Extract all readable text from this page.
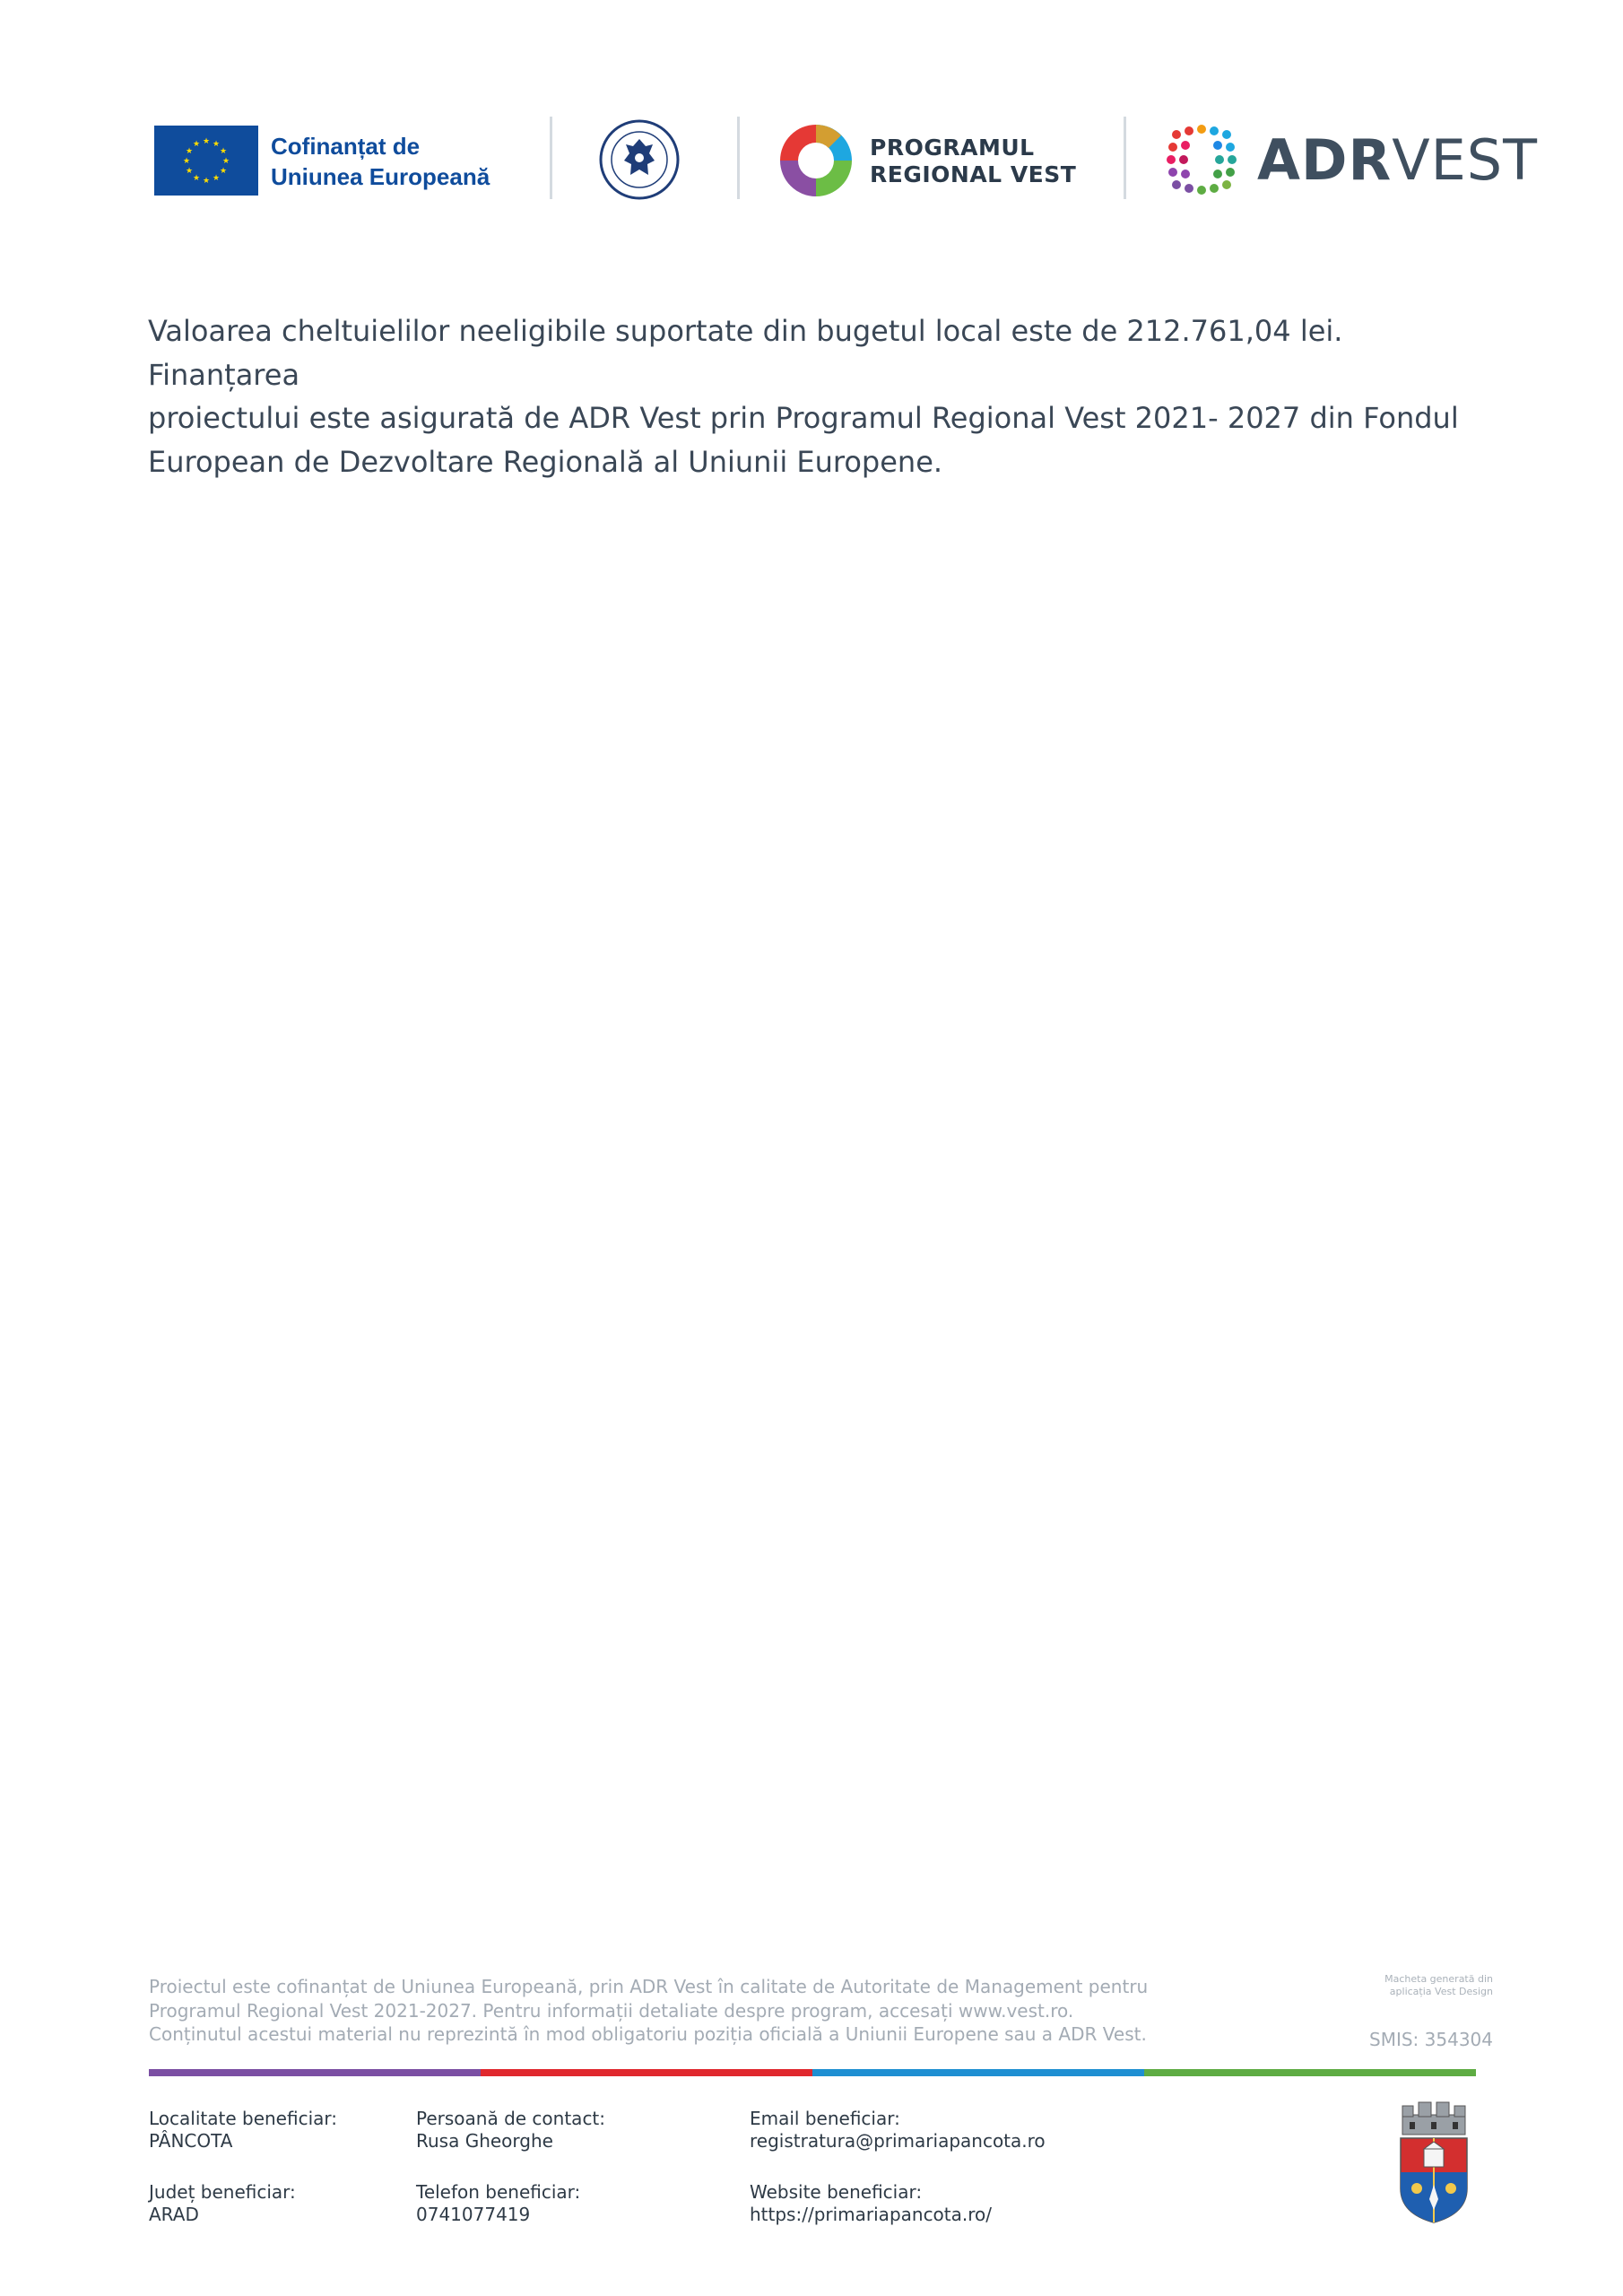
★ ★
★
★
★
★
★
★
★
★
★
★	Cofinanțat de
Uniunea Europeană
PROGRAMUL
REGIONAL VEST	ADRVEST
Valoarea cheltuielilor neeligibile suportate din bugetul local este de 212.761,04 lei. Finanțarea
proiectului este asigurată de ADR Vest prin Programul Regional Vest 2021- 2027 din Fondul
European de Dezvoltare Regională al Uniunii Europene.
Proiectul este cofinanțat de Uniunea Europeană, prin ADR Vest în calitate de Autoritate de Management pentru
Programul Regional Vest 2021-2027. Pentru informații detaliate despre program, accesați www.vest.ro.
Conținutul acestui material nu reprezintă în mod obligatoriu poziția oficială a Uniunii Europene sau a ADR Vest.
Macheta generată din
aplicația Vest Design
SMIS: 354304
Localitate beneficiar:
PÂNCOTA
Județ beneficiar:
ARAD
Persoană de contact:
Rusa Gheorghe
Telefon beneficiar:
0741077419
Email beneficiar:
registratura@primariapancota.ro
Website beneficiar:
https://primariapancota.ro/
